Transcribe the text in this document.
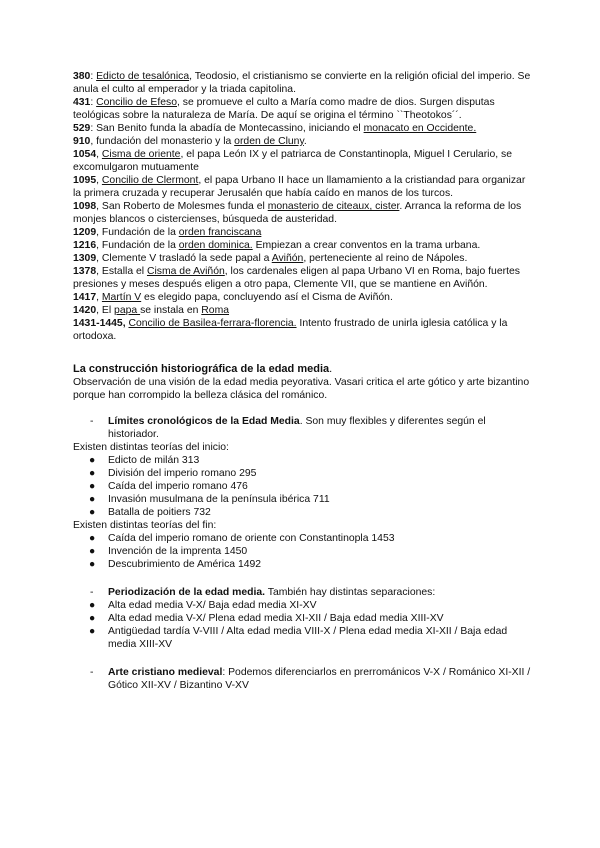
380: Edicto de tesalónica, Teodosio, el cristianismo se convierte en la religión oficial del imperio. Se anula el culto al emperador y la triada capitolina.

431: Concilio de Efeso, se promueve el culto a María como madre de dios. Surgen disputas teológicas sobre la naturaleza de María. De aquí se origina el término ``Theotokos´´.

529: San Benito funda la abadía de Montecassino, iniciando el monacato en Occidente.

910, fundación del monasterio y la orden de Cluny.

1054, Cisma de oriente, el papa León IX y el patriarca de Constantinopla, Miguel I Cerulario, se excomulgaron mutuamente

1095, Concilio de Clermont, el papa Urbano II hace un llamamiento a la cristiandad para organizar la primera cruzada y recuperar Jerusalén que había caído en manos de los turcos.

1098, San Roberto de Molesmes funda el monasterio de citeaux, cister. Arranca la reforma de los monjes blancos o cistercienses, búsqueda de austeridad.

1209, Fundación de la orden franciscana

1216, Fundación de la orden dominica. Empiezan a crear conventos en la trama urbana.

1309, Clemente V trasladó la sede papal a Aviñón, perteneciente al reino de Nápoles.

1378, Estalla el Cisma de Aviñón, los cardenales eligen al papa Urbano VI en Roma, bajo fuertes presiones y meses después eligen a otro papa, Clemente VII, que se mantiene en Aviñón.

1417, Martín V es elegido papa, concluyendo así el Cisma de Aviñón.

1420, El papa se instala en Roma

1431-1445, Concilio de Basilea-ferrara-florencia. Intento frustrado de unirla iglesia católica y la ortodoxa.

La construcción historiográfica de la edad media.

Observación de una visión de la edad media peyorativa. Vasari critica el arte gótico y arte bizantino porque han corrompido la belleza clásica del románico.

- Límites cronológicos de la Edad Media. Son muy flexibles y diferentes según el historiador.

Existen distintas teorías del inicio:

● Edicto de milán 313
● División del imperio romano 295
● Caída del imperio romano 476
● Invasión musulmana de la península ibérica 711
● Batalla de poitiers 732

Existen distintas teorías del fin:

● Caída del imperio romano de oriente con Constantinopla 1453
● Invención de la imprenta 1450
● Descubrimiento de América 1492
- Periodización de la edad media. También hay distintas separaciones:
● Alta edad media V-X/ Baja edad media XI-XV
● Alta edad media V-X/ Plena edad media XI-XII / Baja edad media XIII-XV
● Antigüedad tardía V-VIII / Alta edad media VIII-X / Plena edad media XI-XII / Baja edad media XIII-XV
- Arte cristiano medieval: Podemos diferenciarlos en prerrománicos V-X / Románico XI-XII / Gótico XII-XV / Bizantino V-XV
